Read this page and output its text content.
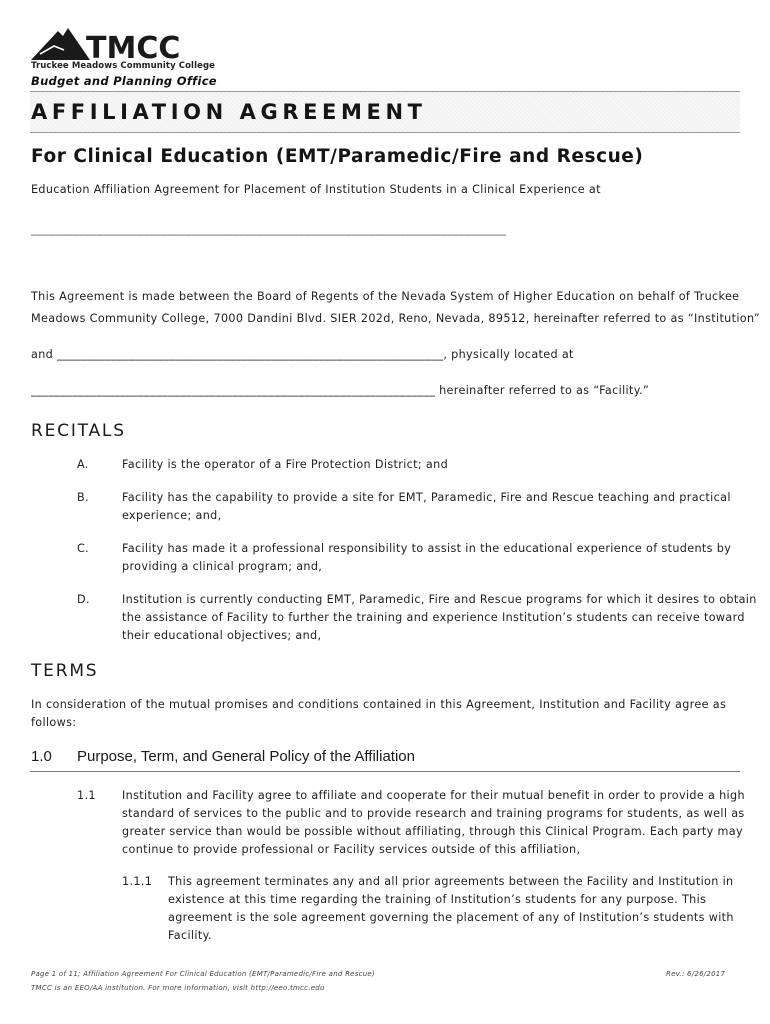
TMCC
Truckee Meadows Community College
Budget and Planning Office
AFFILIATION AGREEMENT
For Clinical Education (EMT/Paramedic/Fire and Rescue)
Education Affiliation Agreement for Placement of Institution Students in a Clinical Experience at
________________________________________________________________________________
This Agreement is made between the Board of Regents of the Nevada System of Higher Education on behalf of Truckee
Meadows Community College, 7000 Dandini Blvd. SIER 202d, Reno, Nevada, 89512, hereinafter referred to as “Institution”
and _________________________________________________________________, physically located at
____________________________________________________________________ hereinafter referred to as “Facility.”
RECITALS
A.	Facility is the operator of a Fire Protection District; and
B.	Facility has the capability to provide a site for EMT, Paramedic, Fire and Rescue teaching and practical
experience; and,
C.	Facility has made it a professional responsibility to assist in the educational experience of students by
providing a clinical program; and,
D.	Institution is currently conducting EMT, Paramedic, Fire and Rescue programs for which it desires to obtain
the assistance of Facility to further the training and experience Institution’s students can receive toward
their educational objectives; and,
TERMS
In consideration of the mutual promises and conditions contained in this Agreement, Institution and Facility agree as
follows:
1.0 Purpose, Term, and General Policy of the Affiliation
1.1 Institution and Facility agree to affiliate and cooperate for their mutual benefit in order to provide a high
standard of services to the public and to provide research and training programs for students, as well as
greater service than would be possible without affiliating, through this Clinical Program. Each party may
continue to provide professional or Facility services outside of this affiliation,
1.1.1 This agreement terminates any and all prior agreements between the Facility and Institution in
existence at this time regarding the training of Institution’s students for any purpose. This
agreement is the sole agreement governing the placement of any of Institution’s students with
Facility.
Page 1 of 11; Affiliation Agreement For Clinical Education (EMT/Paramedic/Fire and Rescue)	Rev.: 6/26/2017
TMCC is an EEO/AA institution. For more information, visit http://eeo.tmcc.edu
